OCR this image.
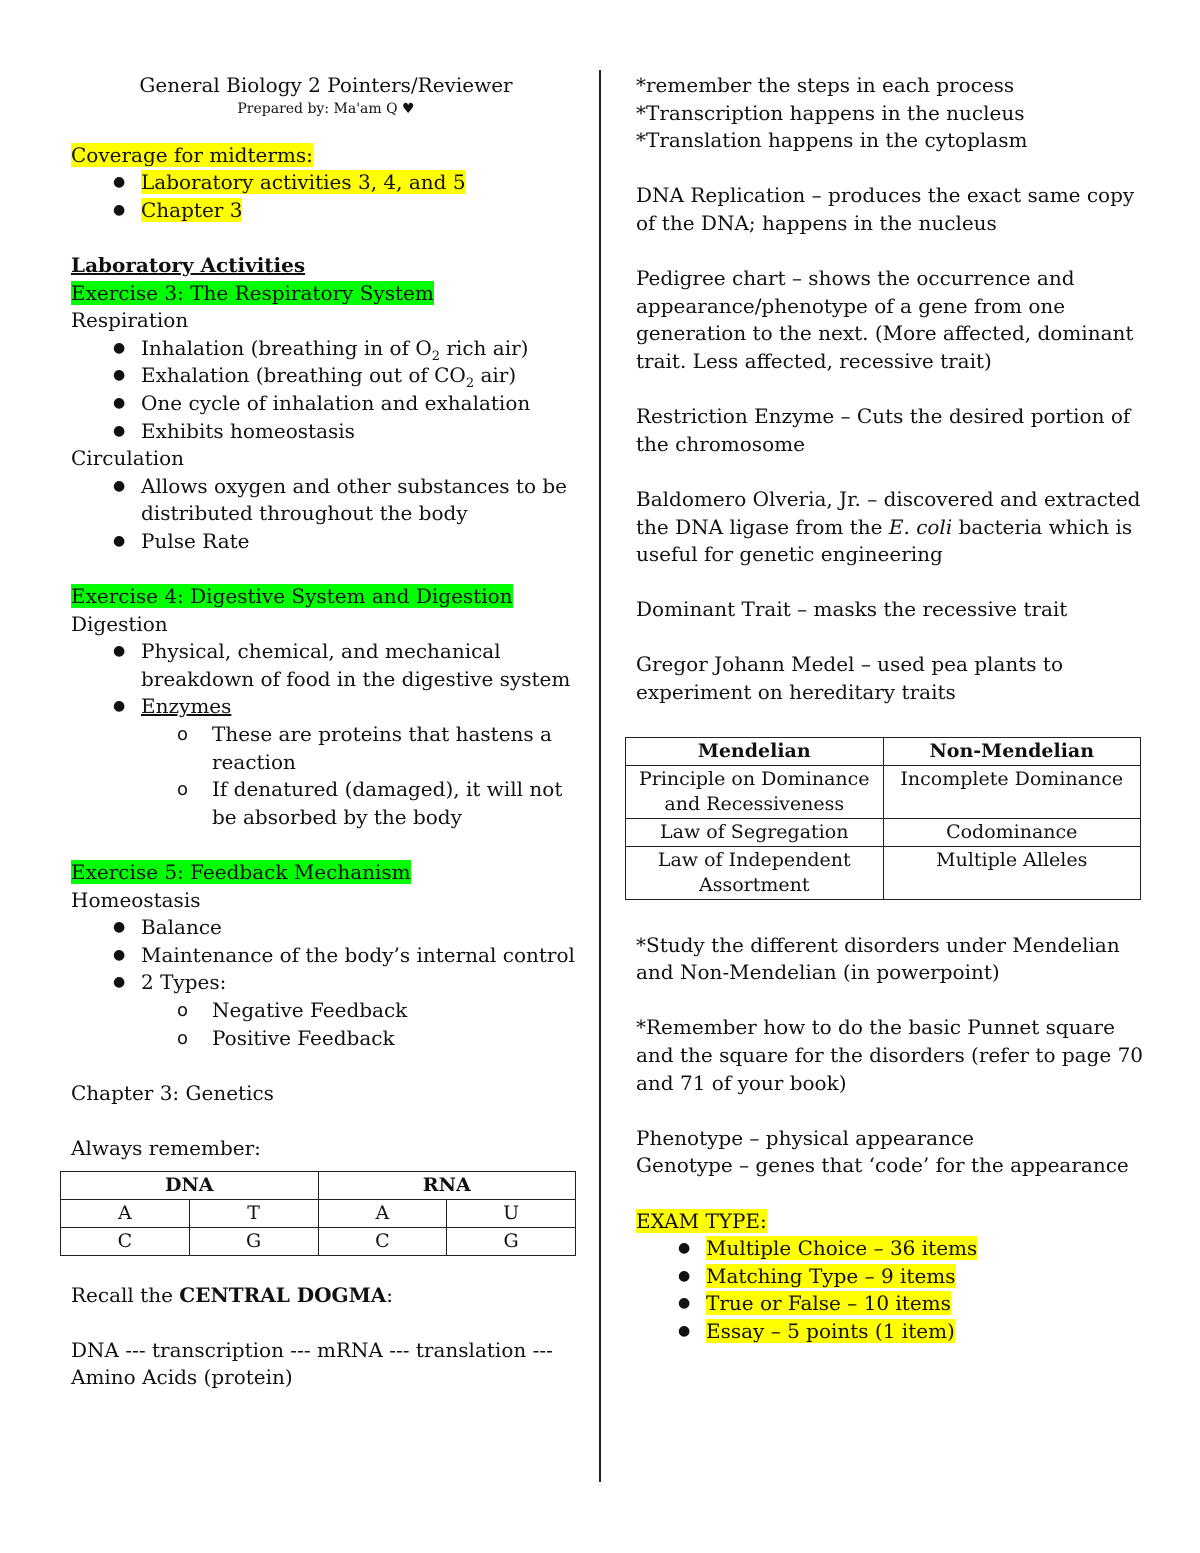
General Biology 2 Pointers/Reviewer

Prepared by: Ma'am Q ♥

Coverage for midterms:

● Laboratory activities 3, 4, and 5
● Chapter 3

Laboratory Activities

Exercise 3: The Respiratory System

Respiration

● Inhalation (breathing in of $O_2$ rich air)
● Exhalation (breathing out of $CO_2$ air)
● One cycle of inhalation and exhalation
● Exhibits homeostasis

Circulation

● Allows oxygen and other substances to be distributed throughout the body
● Pulse Rate

Exercise 4: Digestive System and Digestion

Digestion

● Physical, chemical, and mechanical breakdown of food in the digestive system
● Enzymes
o These are proteins that hastens a reaction
o If denatured (damaged), it will not be absorbed by the body

Exercise 5: Feedback Mechanism

Homeostasis

● Balance
● Maintenance of the body’s internal control
● 2 Types:
o Negative Feedback
o Positive Feedback

Chapter 3: Genetics

Always remember:

DNA		RNA	
A	T	A	U
C	G	C	G

Recall the CENTRAL DOGMA:

DNA --- transcription --- mRNA --- translation --- Amino Acids (protein)

*remember the steps in each process

*Transcription happens in the nucleus

*Translation happens in the cytoplasm

DNA Replication – produces the exact same copy of the DNA; happens in the nucleus

Pedigree chart – shows the occurrence and appearance/phenotype of a gene from one generation to the next. (More affected, dominant trait. Less affected, recessive trait)

Restriction Enzyme – Cuts the desired portion of the chromosome

Baldomero Olveria, Jr. – discovered and extracted the DNA ligase from the E. coli bacteria which is useful for genetic engineering

Dominant Trait – masks the recessive trait

Gregor Johann Medel – used pea plants to experiment on hereditary traits

Mendelian	Non-Mendelian
Principle on Dominance and Recessiveness	Incomplete Dominance
Law of Segregation	Codominance
Law of Independent Assortment	Multiple Alleles

*Study the different disorders under Mendelian and Non-Mendelian (in powerpoint)

*Remember how to do the basic Punnet square and the square for the disorders (refer to page 70 and 71 of your book)

Phenotype – physical appearance

Genotype – genes that ‘code’ for the appearance

EXAM TYPE:

● Multiple Choice – 36 items
● Matching Type – 9 items
● True or False – 10 items
● Essay – 5 points (1 item)
